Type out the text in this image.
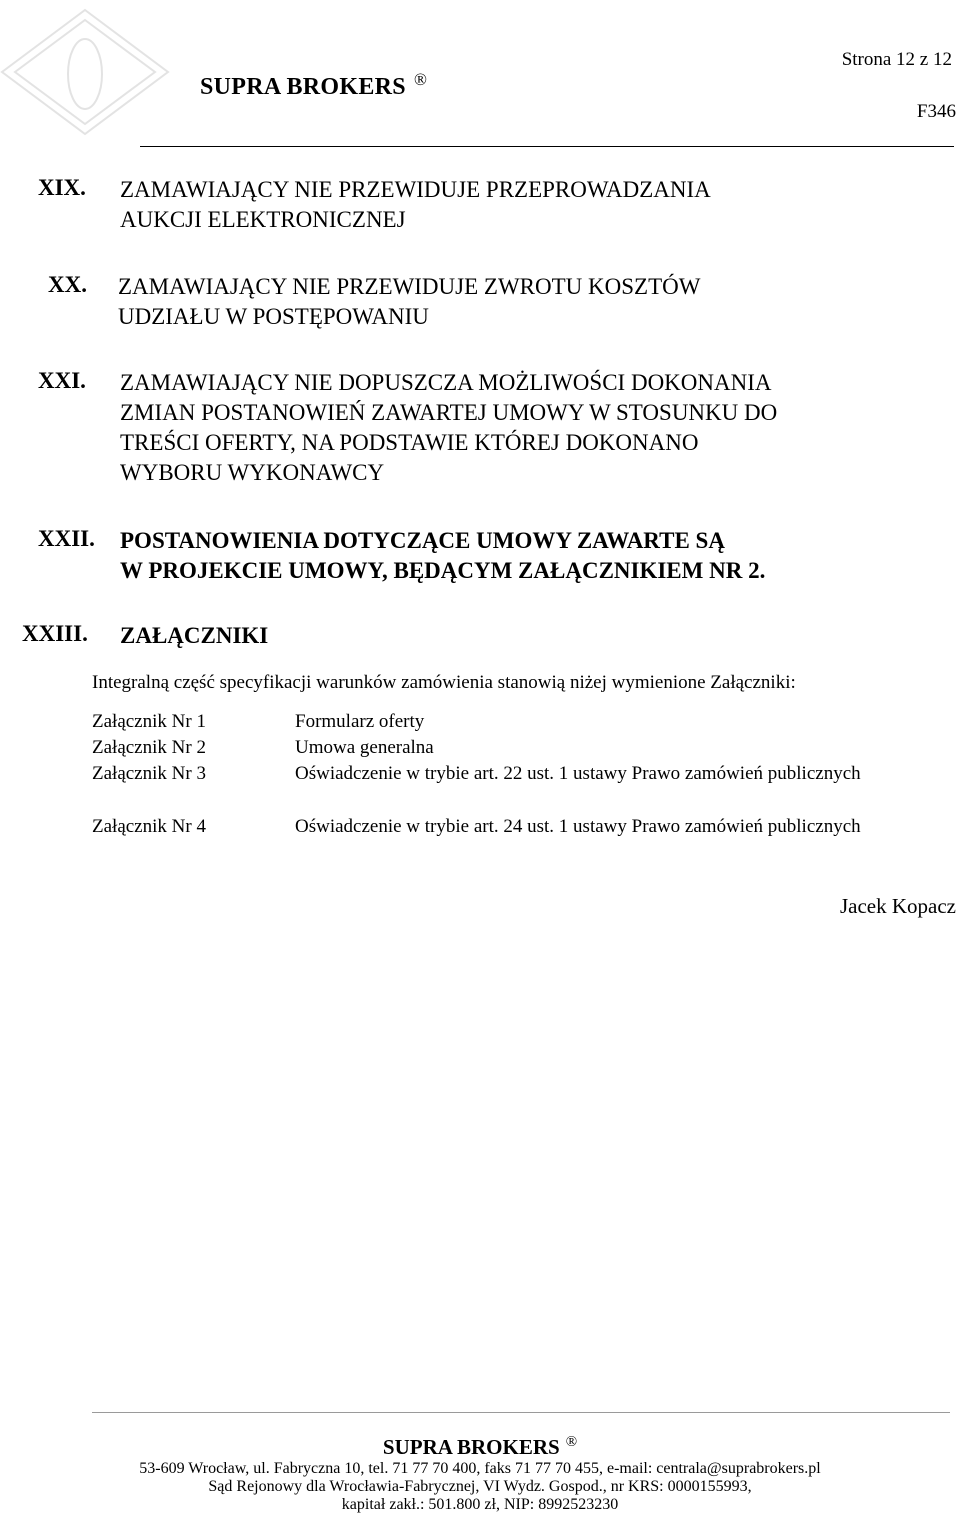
SUPRA BROKERS ®
Strona 12 z 12
F346
XIX. ZAMAWIAJĄCY NIE PRZEWIDUJE PRZEPROWADZANIA
AUKCJI ELEKTRONICZNEJ
XX. ZAMAWIAJĄCY NIE PRZEWIDUJE ZWROTU KOSZTÓW
UDZIAŁU W POSTĘPOWANIU
XXI. ZAMAWIAJĄCY NIE DOPUSZCZA MOŻLIWOŚCI DOKONANIA
ZMIAN POSTANOWIEŃ ZAWARTEJ UMOWY W STOSUNKU DO
TREŚCI OFERTY, NA PODSTAWIE KTÓREJ DOKONANO
WYBORU WYKONAWCY
XXII. POSTANOWIENIA DOTYCZĄCE UMOWY ZAWARTE SĄ
W PROJEKCIE UMOWY, BĘDĄCYM ZAŁĄCZNIKIEM NR 2.
XXIII. ZAŁĄCZNIKI
Integralną część specyfikacji warunków zamówienia stanowią niżej wymienione Załączniki:
Załącznik Nr 1	Formularz oferty
Załącznik Nr 2	Umowa generalna
Załącznik Nr 3	Oświadczenie w trybie art. 22 ust. 1 ustawy Prawo zamówień publicznych
Załącznik Nr 4	Oświadczenie w trybie art. 24 ust. 1 ustawy Prawo zamówień publicznych
Jacek Kopacz
SUPRA BROKERS ®
53-609 Wrocław, ul. Fabryczna 10, tel. 71 77 70 400, faks 71 77 70 455, e-mail: centrala@suprabrokers.pl
Sąd Rejonowy dla Wrocławia-Fabrycznej, VI Wydz. Gospod., nr KRS: 0000155993,
kapitał zakł.: 501.800 zł, NIP: 8992523230
